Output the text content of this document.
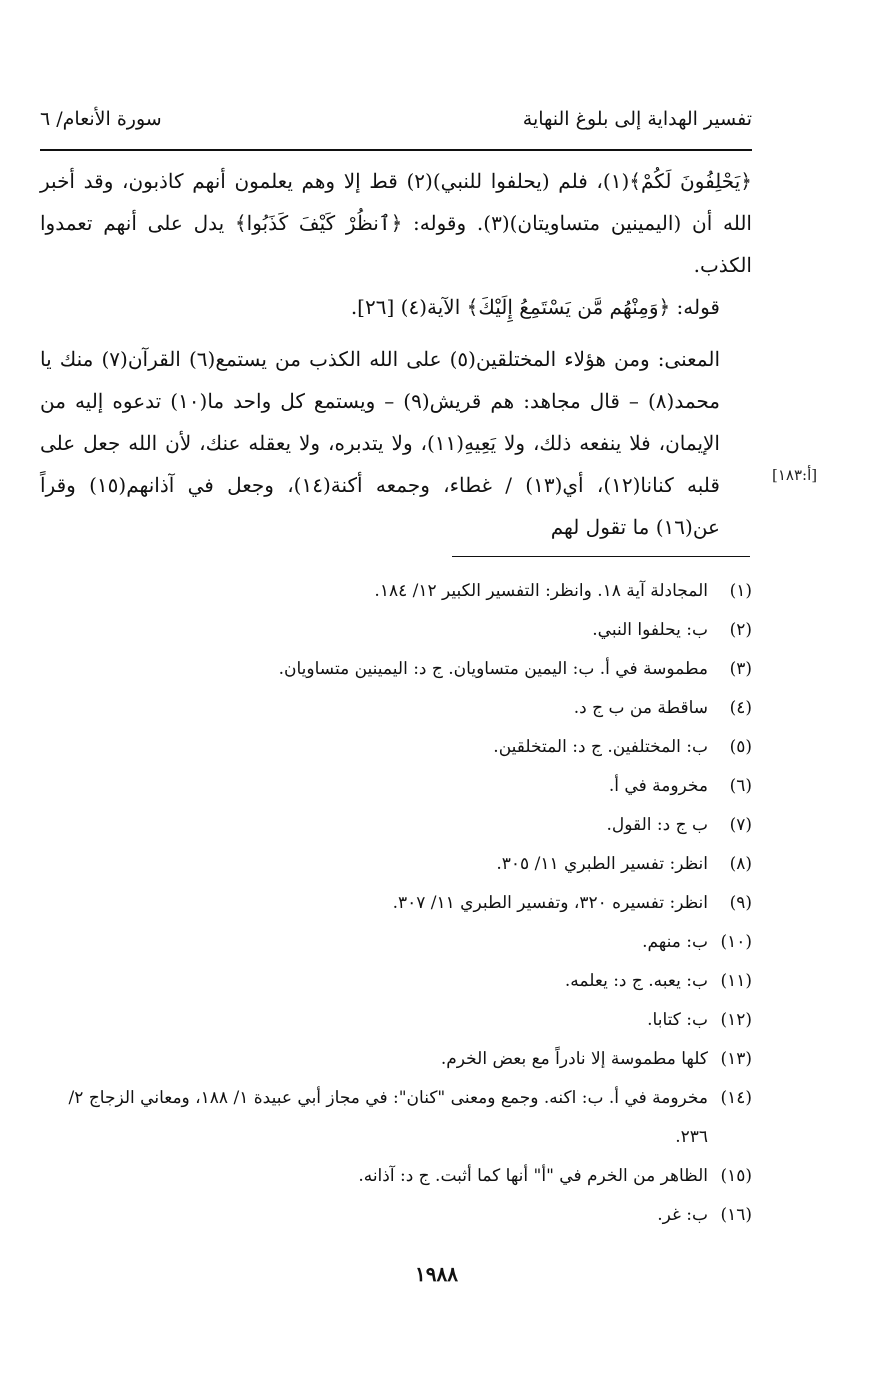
تفسير الهداية إلى بلوغ النهاية
سورة الأنعام/ ٦

﴿يَحْلِفُونَ لَكُمْ﴾(١)، فلم (يحلفوا للنبي)(٢) قط إلا وهم يعلمون أنهم كاذبون، وقد أخبر الله أن (اليمينين متساويتان)(٣). وقوله: ﴿ٱنظُرْ كَيْفَ كَذَبُوا﴾ يدل على أنهم تعمدوا الكذب.

قوله: ﴿وَمِنْهُم مَّن يَسْتَمِعُ إِلَيْكَ﴾ الآية(٤) [٢٦].

المعنى: ومن هؤلاء المختلقين(٥) على الله الكذب من يستمع(٦) القرآن(٧) منك يا محمد(٨) – قال مجاهد: هم قريش(٩) – ويستمع كل واحد ما(١٠) تدعوه إليه من الإيمان، فلا ينفعه ذلك، ولا يَعِيهِ(١١)، ولا يتدبره، ولا يعقله عنك، لأن الله جعل على قلبه كنانا(١٢)، أي(١٣) / غطاء، وجمعه أكنة(١٤)، وجعل في آذانهم(١٥) وقراً عن(١٦) ما تقول لهم

[أ:١٨٣]
(١)
المجادلة آية ١٨. وانظر: التفسير الكبير ١٢/ ١٨٤.
(٢)
ب: يحلفوا النبي.
(٣)
مطموسة في أ. ب: اليمين متساويان. ج د: اليمينين متساويان.
(٤)
ساقطة من ب ج د.
(٥)
ب: المختلفين. ج د: المتخلقين.
(٦)
مخرومة في أ.
(٧)
ب ج د: القول.
(٨)
انظر: تفسير الطبري ١١/ ٣٠٥.
(٩)
انظر: تفسيره ٣٢٠، وتفسير الطبري ١١/ ٣٠٧.
(١٠)
ب: منهم.
(١١)
ب: يعبه. ج د: يعلمه.
(١٢)
ب: كتابا.
(١٣)
كلها مطموسة إلا نادراً مع بعض الخرم.
(١٤)
مخرومة في أ. ب: اكنه. وجمع ومعنى "كنان": في مجاز أبي عبيدة ١/ ١٨٨، ومعاني الزجاج ٢/ ٢٣٦.
(١٥)
الظاهر من الخرم في "أ" أنها كما أثبت. ج د: آذانه.
(١٦)
ب: غر.
١٩٨٨
